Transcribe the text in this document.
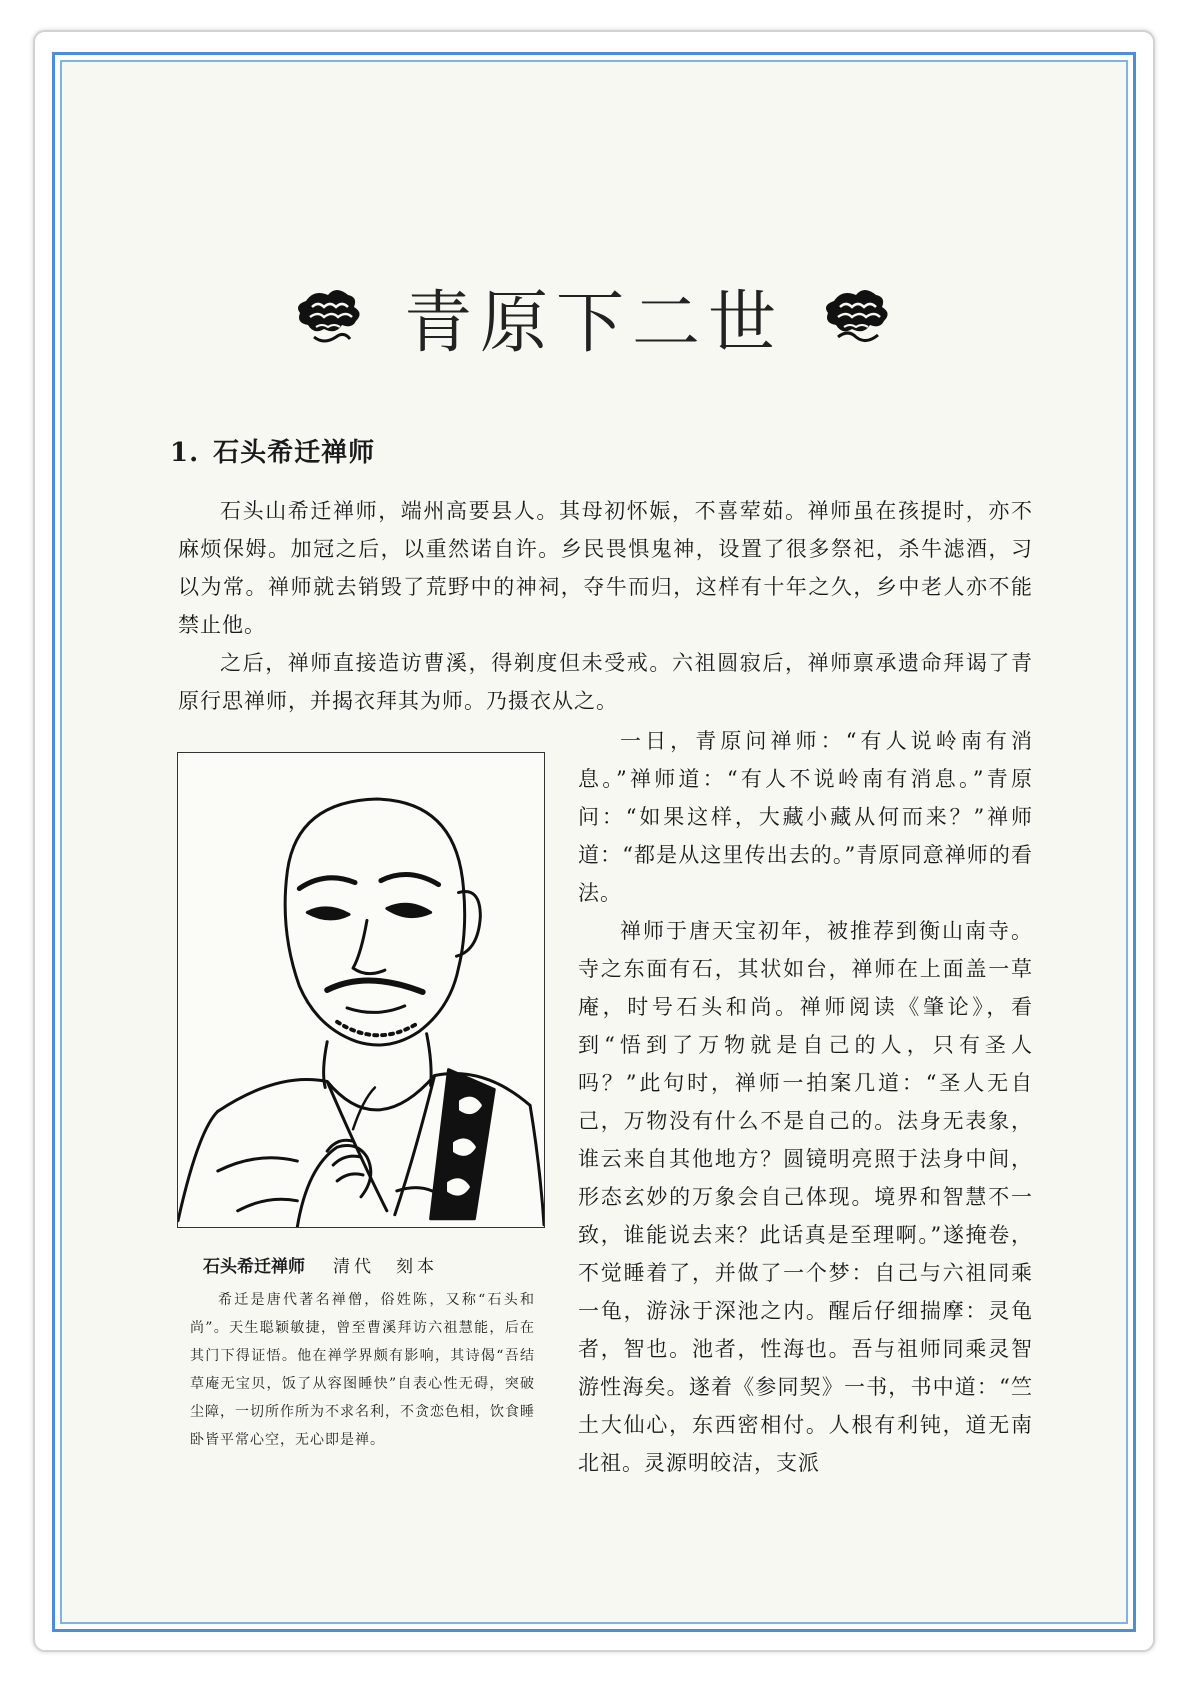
青原下二世
1. 石头希迁禅师

石头山希迁禅师，端州高要县人。其母初怀娠，不喜荤茹。禅师虽在孩提时，亦不麻烦保姆。加冠之后，以重然诺自许。乡民畏惧鬼神，设置了很多祭祀，杀牛滤酒，习以为常。禅师就去销毁了荒野中的神祠，夺牛而归，这样有十年之久，乡中老人亦不能禁止他。

之后，禅师直接造访曹溪，得剃度但未受戒。六祖圆寂后，禅师禀承遗命拜谒了青原行思禅师，并揭衣拜其为师。乃摄衣从之。

一日，青原问禅师：“有人说岭南有消息。”禅师道：“有人不说岭南有消息。”青原问：“如果这样，大藏小藏从何而来？”禅师道：“都是从这里传出去的。”青原同意禅师的看法。

禅师于唐天宝初年，被推荐到衡山南寺。寺之东面有石，其状如台，禅师在上面盖一草庵，时号石头和尚。禅师阅读《肇论》，看到“悟到了万物就是自己的人，只有圣人吗？”此句时，禅师一拍案几道：“圣人无自己，万物没有什么不是自己的。法身无表象，谁云来自其他地方？圆镜明亮照于法身中间，形态玄妙的万象会自己体现。境界和智慧不一致，谁能说去来？此话真是至理啊。”遂掩卷，不觉睡着了，并做了一个梦：自己与六祖同乘一龟，游泳于深池之内。醒后仔细揣摩：灵龟者，智也。池者，性海也。吾与祖师同乘灵智游性海矣。遂着《参同契》一书，书中道：“竺土大仙心，东西密相付。人根有利钝，道无南北祖。灵源明皎洁，支派

石头希迁禅师 清代　刻本

希迁是唐代著名禅僧，俗姓陈，又称“石头和尚”。天生聪颖敏捷，曾至曹溪拜访六祖慧能，后在其门下得证悟。他在禅学界颇有影响，其诗偈“吾结草庵无宝贝，饭了从容图睡快”自表心性无碍，突破尘障，一切所作所为不求名利，不贪恋色相，饮食睡卧皆平常心空，无心即是禅。
